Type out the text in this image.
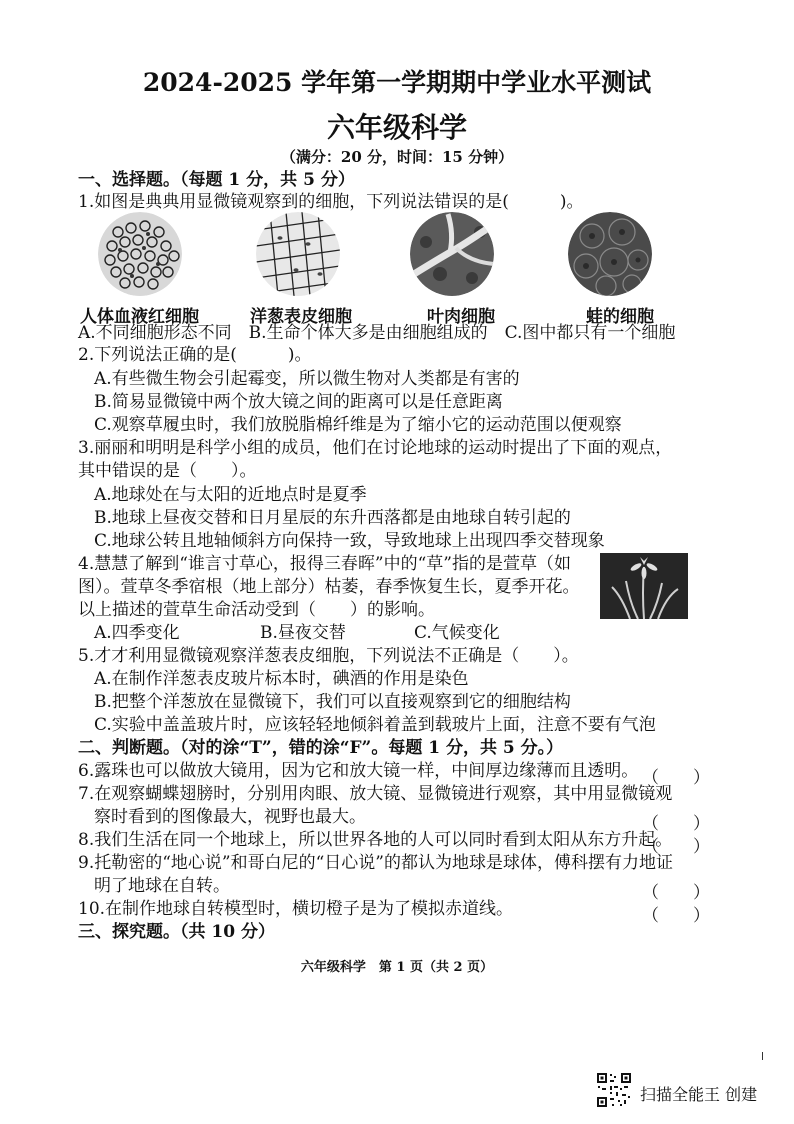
2024-2025 学年第一学期期中学业水平测试
六年级科学
（满分：20 分，时间：15 分钟）
一、选择题。（每题 1 分，共 5 分）
1.如图是典典用显微镜观察到的细胞，下列说法错误的是(　　　)。
人体血液红细胞	洋葱表皮细胞	叶肉细胞	蛙的细胞
A.不同细胞形态不同　B.生命个体大多是由细胞组成的　C.图中都只有一个细胞
2.下列说法正确的是(　　　)。
A.有些微生物会引起霉变，所以微生物对人类都是有害的
B.简易显微镜中两个放大镜之间的距离可以是任意距离
C.观察草履虫时，我们放脱脂棉纤维是为了缩小它的运动范围以便观察
3.丽丽和明明是科学小组的成员，他们在讨论地球的运动时提出了下面的观点，
其中错误的是（　　）。
A.地球处在与太阳的近地点时是夏季
B.地球上昼夜交替和日月星辰的东升西落都是由地球自转引起的
C.地球公转且地轴倾斜方向保持一致，导致地球上出现四季交替现象
4.慧慧了解到“谁言寸草心，报得三春晖”中的“草”指的是萱草（如
图）。萱草冬季宿根（地上部分）枯萎，春季恢复生长，夏季开花。
以上描述的萱草生命活动受到（　　）的影响。
A.四季变化	B.昼夜交替	C.气候变化
5.才才利用显微镜观察洋葱表皮细胞，下列说法不正确是（　　）。
A.在制作洋葱表皮玻片标本时，碘酒的作用是染色
B.把整个洋葱放在显微镜下，我们可以直接观察到它的细胞结构
C.实验中盖盖玻片时，应该轻轻地倾斜着盖到载玻片上面，注意不要有气泡
二、判断题。（对的涂“T”，错的涂“F”。每题 1 分，共 5 分。）
6.露珠也可以做放大镜用，因为它和放大镜一样，中间厚边缘薄而且透明。 （　　）
7.在观察蝴蝶翅膀时，分别用肉眼、放大镜、显微镜进行观察，其中用显微镜观
察时看到的图像最大，视野也最大。	（　　）
8.我们生活在同一个地球上，所以世界各地的人可以同时看到太阳从东方升起。
（　　）
9.托勒密的“地心说”和哥白尼的“日心说”的都认为地球是球体，傅科摆有力地证
明了地球在自转。	（　　）
10.在制作地球自转模型时，横切橙子是为了模拟赤道线。	（　　）
三、探究题。（共 10 分）
六年级科学　第 1 页（共 2 页）
扫描全能王 创建
